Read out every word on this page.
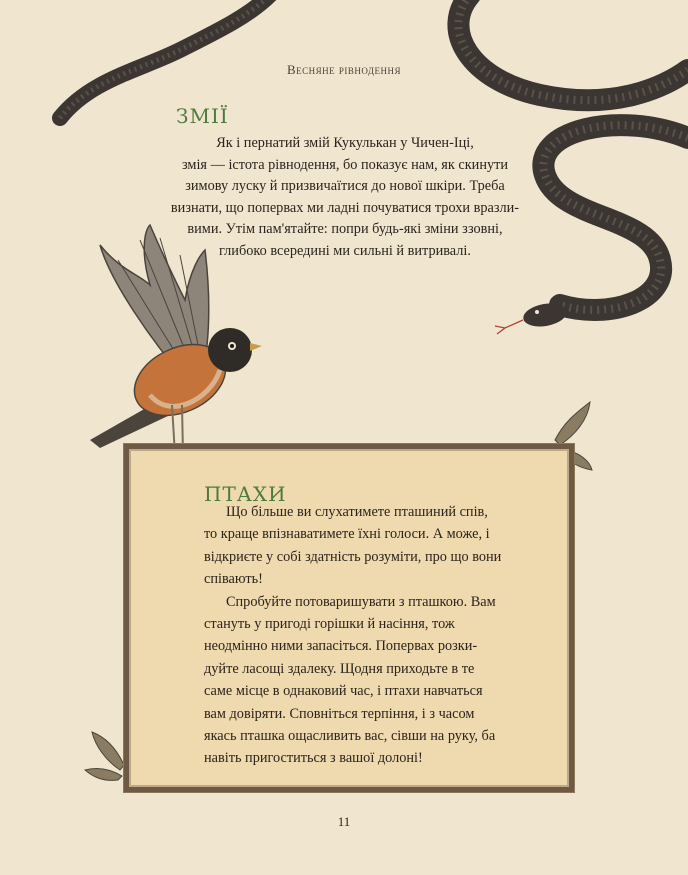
Весняне рівнодення
ЗМІЇ

Як і пернатий змій Кукулькан у Чичен-Іці,

змія — істота рівнодення, бо показує нам, як скинути

зимову луску й призвичаїтися до нової шкіри. Треба

визнати, що поперваx ми ладні почуватися трохи вразли-

вими. Утім пам'ятайте: попри будь-які зміни ззовні,

глибоко всередині ми сильні й витривалі.

ПТАХИ

Що більше ви слухатимете пташиний спів, то краще впізнаватимете їхні голоси. А може, і відкриєте у собі здатність розуміти, про що вони співають!

Спробуйте потоваришувати з пташкою. Вам стануть у пригоді горішки й насіння, тож неодмінно ними запасіться. Поперваx розки-дуйте ласощі здалеку. Щодня приходьте в те саме місце в однаковий час, і птахи навчаться вам довіряти. Сповніться терпіння, і з часом якась пташка ощасливить вас, сівши на руку, ба навіть пригоститься з вашої долоні!

11
